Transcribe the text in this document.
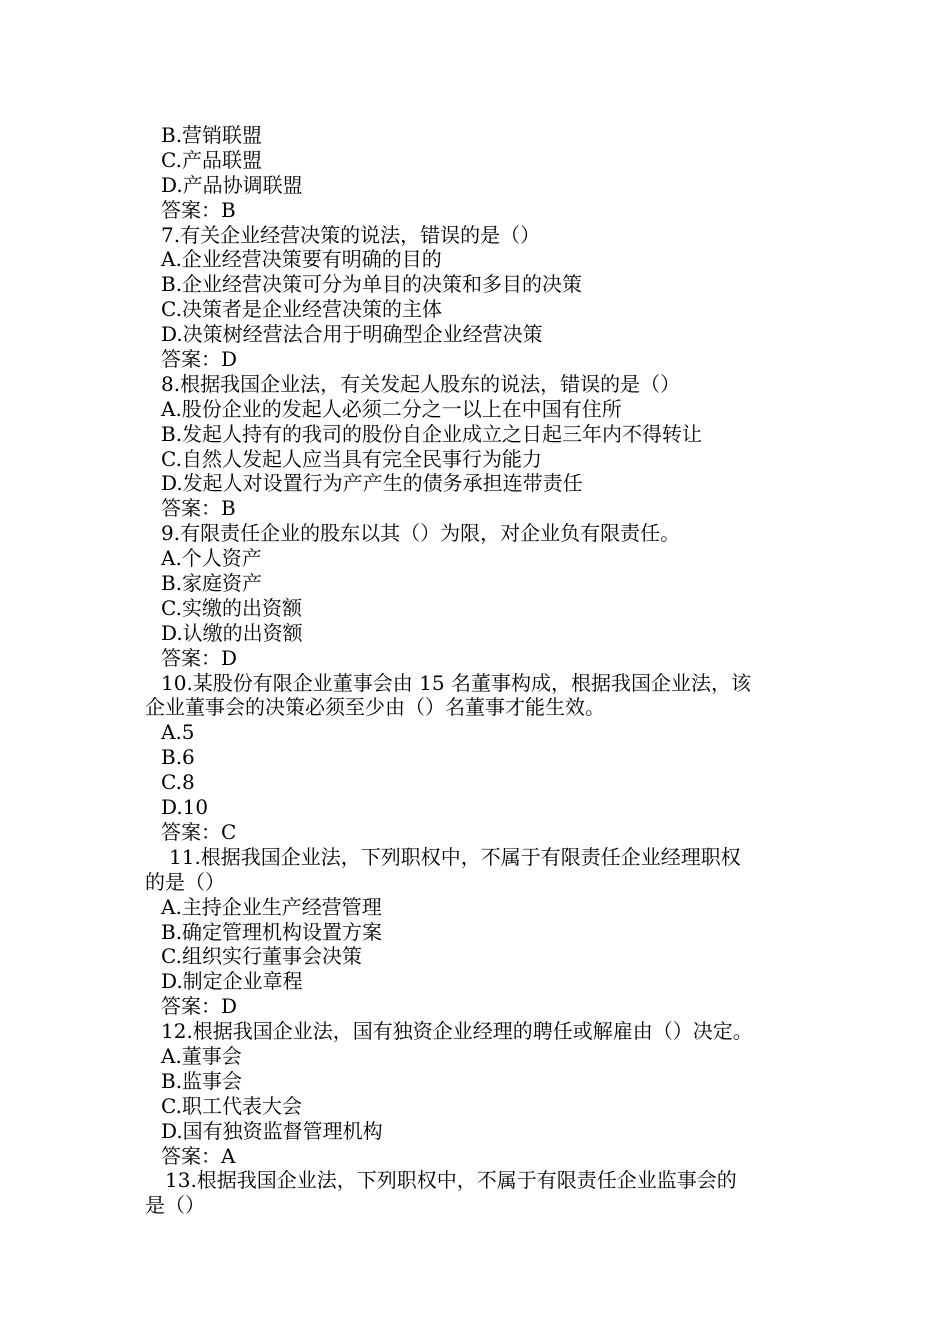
B.营销联盟
C.产品联盟
D.产品协调联盟
答案：B
7.有关企业经营决策的说法，错误的是（）
A.企业经营决策要有明确的目的
B.企业经营决策可分为单目的决策和多目的决策
C.决策者是企业经营决策的主体
D.决策树经营法合用于明确型企业经营决策
答案：D
8.根据我国企业法，有关发起人股东的说法，错误的是（）
A.股份企业的发起人必须二分之一以上在中国有住所
B.发起人持有的我司的股份自企业成立之日起三年内不得转让
C.自然人发起人应当具有完全民事行为能力
D.发起人对设置行为产产生的债务承担连带责任
答案：B
9.有限责任企业的股东以其（）为限，对企业负有限责任。
A.个人资产
B.家庭资产
C.实缴的出资额
D.认缴的出资额
答案：D
10.某股份有限企业董事会由 15 名董事构成，根据我国企业法，该
企业董事会的决策必须至少由（）名董事才能生效。
A.5
B.6
C.8
D.10
答案：C
11.根据我国企业法，下列职权中，不属于有限责任企业经理职权
的是（）
A.主持企业生产经营管理
B.确定管理机构设置方案
C.组织实行董事会决策
D.制定企业章程
答案：D
12.根据我国企业法，国有独资企业经理的聘任或解雇由（）决定。
A.董事会
B.监事会
C.职工代表大会
D.国有独资监督管理机构
答案：A
13.根据我国企业法，下列职权中，不属于有限责任企业监事会的
是（）
